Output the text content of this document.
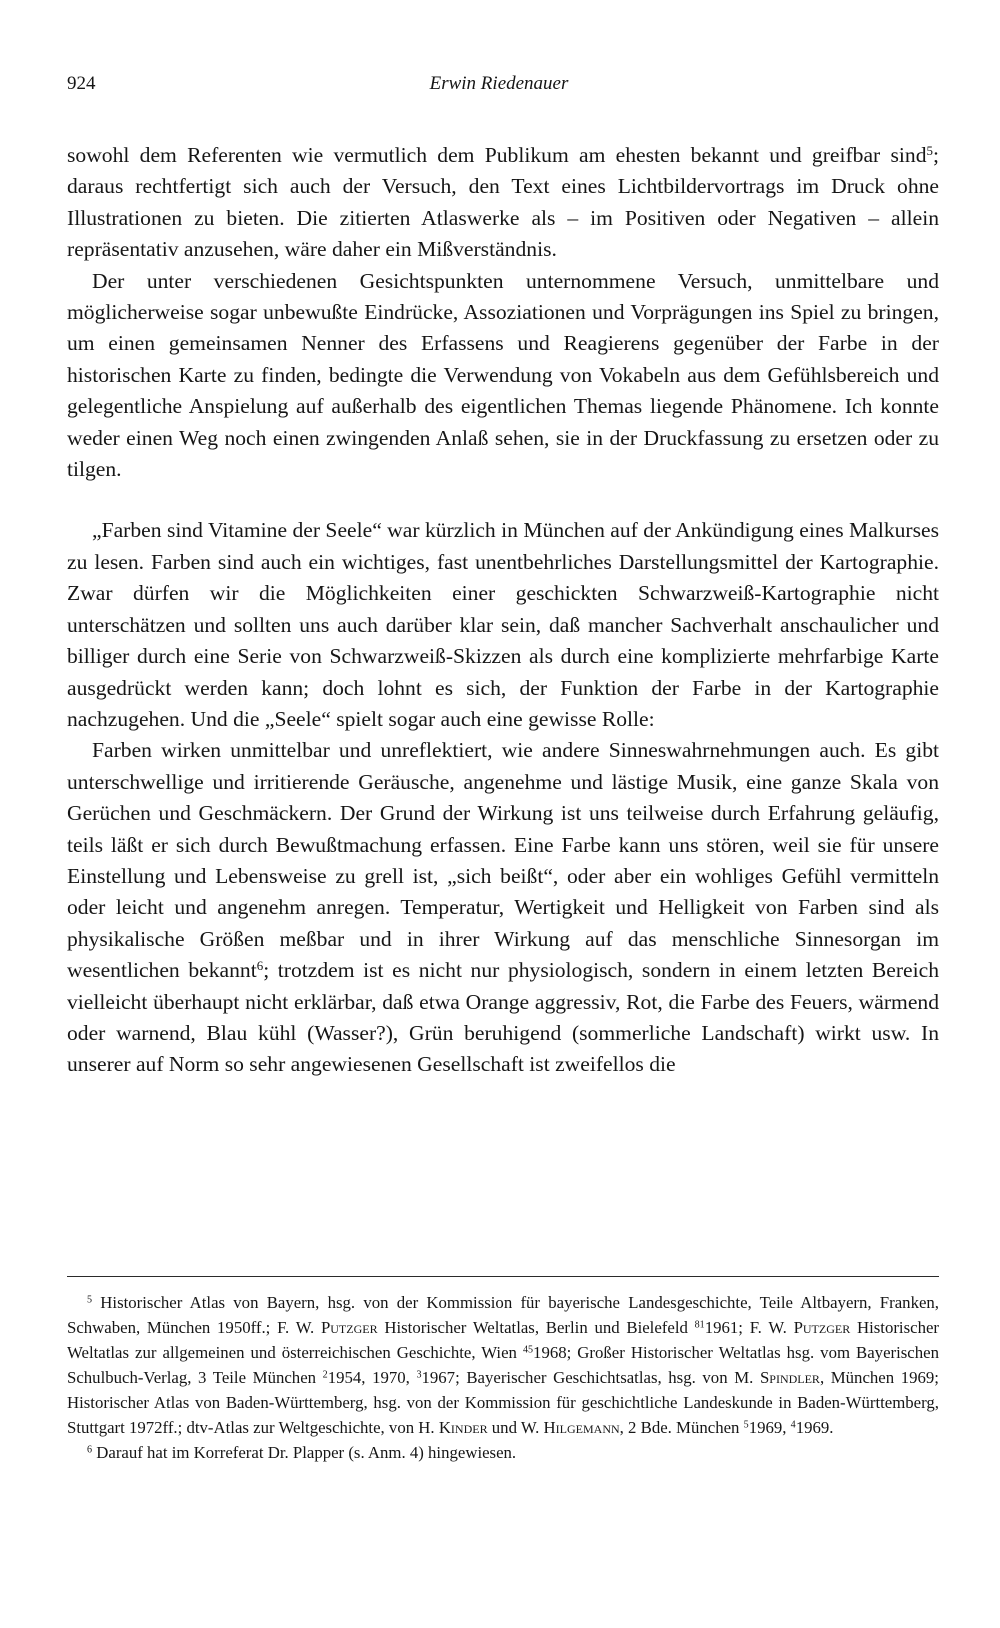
924	Erwin Riedenauer

sowohl dem Referenten wie vermutlich dem Publikum am ehesten bekannt und greifbar sind$^5$; daraus rechtfertigt sich auch der Versuch, den Text eines Lichtbildervortrags im Druck ohne Illustrationen zu bieten. Die zitierten Atlaswerke als – im Positiven oder Negativen – allein repräsentativ anzusehen, wäre daher ein Mißverständnis.

Der unter verschiedenen Gesichtspunkten unternommene Versuch, unmittelbare und möglicherweise sogar unbewußte Eindrücke, Assoziationen und Vorprägungen ins Spiel zu bringen, um einen gemeinsamen Nenner des Erfassens und Reagierens gegenüber der Farbe in der historischen Karte zu finden, bedingte die Verwendung von Vokabeln aus dem Gefühlsbereich und gelegentliche Anspielung auf außerhalb des eigentlichen Themas liegende Phänomene. Ich konnte weder einen Weg noch einen zwingenden Anlaß sehen, sie in der Druckfassung zu ersetzen oder zu tilgen.

„Farben sind Vitamine der Seele“ war kürzlich in München auf der Ankündigung eines Malkurses zu lesen. Farben sind auch ein wichtiges, fast unentbehrliches Darstellungsmittel der Kartographie. Zwar dürfen wir die Möglichkeiten einer geschickten Schwarzweiß-Kartographie nicht unterschätzen und sollten uns auch darüber klar sein, daß mancher Sachverhalt anschaulicher und billiger durch eine Serie von Schwarzweiß-Skizzen als durch eine komplizierte mehrfarbige Karte ausgedrückt werden kann; doch lohnt es sich, der Funktion der Farbe in der Kartographie nachzugehen. Und die „Seele“ spielt sogar auch eine gewisse Rolle:

Farben wirken unmittelbar und unreflektiert, wie andere Sinneswahrnehmungen auch. Es gibt unterschwellige und irritierende Geräusche, angenehme und lästige Musik, eine ganze Skala von Gerüchen und Geschmäckern. Der Grund der Wirkung ist uns teilweise durch Erfahrung geläufig, teils läßt er sich durch Bewußtmachung erfassen. Eine Farbe kann uns stören, weil sie für unsere Einstellung und Lebensweise zu grell ist, „sich beißt“, oder aber ein wohliges Gefühl vermitteln oder leicht und angenehm anregen. Temperatur, Wertigkeit und Helligkeit von Farben sind als physikalische Größen meßbar und in ihrer Wirkung auf das menschliche Sinnesorgan im wesentlichen bekannt$^6$; trotzdem ist es nicht nur physiologisch, sondern in einem letzten Bereich vielleicht überhaupt nicht erklärbar, daß etwa Orange aggressiv, Rot, die Farbe des Feuers, wärmend oder warnend, Blau kühl (Wasser?), Grün beruhigend (sommerliche Landschaft) wirkt usw. In unserer auf Norm so sehr angewiesenen Gesellschaft ist zweifellos die

$^5$ Historischer Atlas von Bayern, hsg. von der Kommission für bayerische Landesgeschichte, Teile Altbayern, Franken, Schwaben, München 1950ff.; F. W. Putzger Historischer Weltatlas, Berlin und Bielefeld $^{81}$1961; F. W. Putzger Historischer Weltatlas zur allgemeinen und österreichischen Geschichte, Wien $^{45}$1968; Großer Historischer Weltatlas hsg. vom Bayerischen Schulbuch-Verlag, 3 Teile München $^2$1954, 1970, $^3$1967; Bayerischer Geschichtsatlas, hsg. von M. Spindler, München 1969; Historischer Atlas von Baden-Württemberg, hsg. von der Kommission für geschichtliche Landeskunde in Baden-Württemberg, Stuttgart 1972ff.; dtv-Atlas zur Weltgeschichte, von H. Kinder und W. Hilgemann, 2 Bde. München $^5$1969, $^4$1969.

$^6$ Darauf hat im Korreferat Dr. Plapper (s. Anm. 4) hingewiesen.
